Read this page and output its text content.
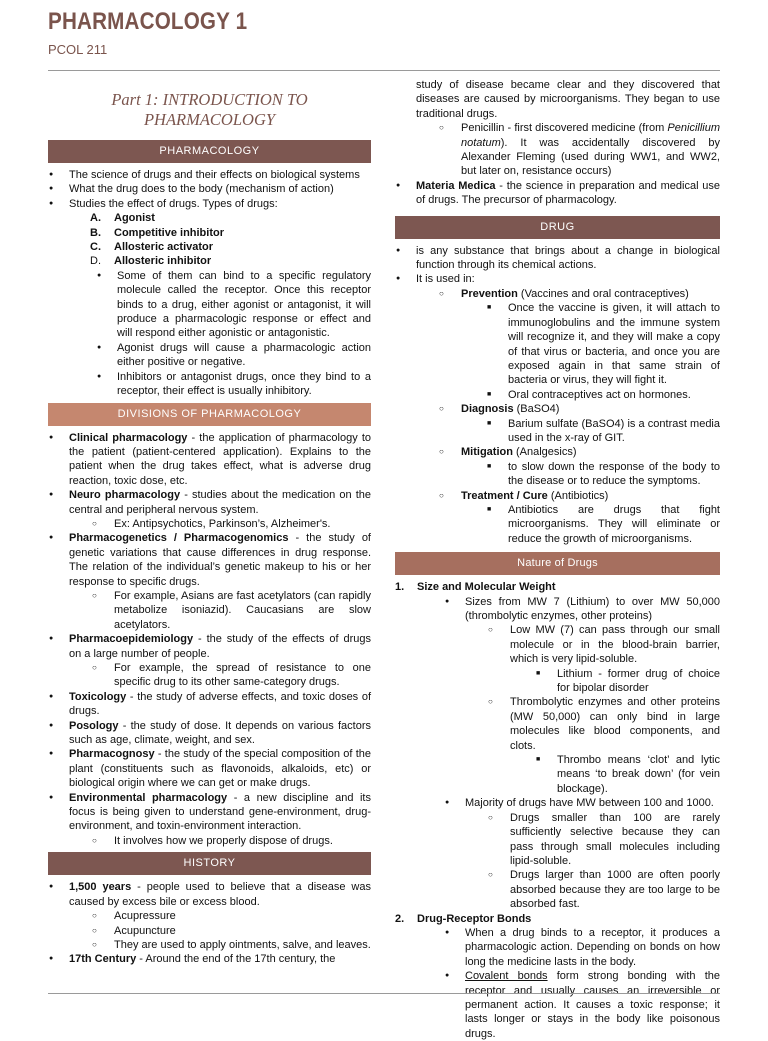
PHARMACOLOGY 1
PCOL 211
Part 1: INTRODUCTION TO
PHARMACOLOGY
PHARMACOLOGY
● The science of drugs and their effects on biological systems
● What the drug does to the body (mechanism of action)
● Studies the effect of drugs. Types of drugs:
A. Agonist
B. Competitive inhibitor
C. Allosteric activator
D. Allosteric inhibitor
● Some of them can bind to a specific regulatory molecule called the receptor. Once this receptor binds to a drug, either agonist or antagonist, it will produce a pharmacologic response or effect and will respond either agonistic or antagonistic.
● Agonist drugs will cause a pharmacologic action either positive or negative.
● Inhibitors or antagonist drugs, once they bind to a receptor, their effect is usually inhibitory.
DIVISIONS OF PHARMACOLOGY
● Clinical pharmacology - the application of pharmacology to the patient (patient-centered application). Explains to the patient when the drug takes effect, what is adverse drug reaction, toxic dose, etc.
● Neuro pharmacology - studies about the medication on the central and peripheral nervous system.
○ Ex: Antipsychotics, Parkinson’s, Alzheimer's.
● Pharmacogenetics / Pharmacogenomics - the study of genetic variations that cause differences in drug response. The relation of the individual’s genetic makeup to his or her response to specific drugs.
○ For example, Asians are fast acetylators (can rapidly metabolize isoniazid). Caucasians are slow acetylators.
● Pharmacoepidemiology - the study of the effects of drugs on a large number of people.
○ For example, the spread of resistance to one specific drug to its other same-category drugs.
● Toxicology - the study of adverse effects, and toxic doses of drugs.
● Posology - the study of dose. It depends on various factors such as age, climate, weight, and sex.
● Pharmacognosy - the study of the special composition of the plant (constituents such as flavonoids, alkaloids, etc) or biological origin where we can get or make drugs.
● Environmental pharmacology - a new discipline and its focus is being given to understand gene-environment, drug-environment, and toxin-environment interaction.
○ It involves how we properly dispose of drugs.
HISTORY
● 1,500 years - people used to believe that a disease was caused by excess bile or excess blood.
○ Acupressure
○ Acupuncture
○ They are used to apply ointments, salve, and leaves.
● 17th Century - Around the end of the 17th century, the
study of disease became clear and they discovered that diseases are caused by microorganisms. They began to use traditional drugs.
○ Penicillin - first discovered medicine (from Penicillium notatum). It was accidentally discovered by Alexander Fleming (used during WW1, and WW2, but later on, resistance occurs)
● Materia Medica - the science in preparation and medical use of drugs. The precursor of pharmacology.
DRUG
● is any substance that brings about a change in biological function through its chemical actions.
● It is used in:
○ Prevention (Vaccines and oral contraceptives)
■ Once the vaccine is given, it will attach to immunoglobulins and the immune system will recognize it, and they will make a copy of that virus or bacteria, and once you are exposed again in that same strain of bacteria or virus, they will fight it.
■ Oral contraceptives act on hormones.
○ Diagnosis (BaSO4)
■ Barium sulfate (BaSO4) is a contrast media used in the x-ray of GIT.
○ Mitigation (Analgesics)
■ to slow down the response of the body to the disease or to reduce the symptoms.
○ Treatment / Cure (Antibiotics)
■ Antibiotics are drugs that fight microorganisms. They will eliminate or reduce the growth of microorganisms.
Nature of Drugs
1. Size and Molecular Weight
● Sizes from MW 7 (Lithium) to over MW 50,000 (thrombolytic enzymes, other proteins)
○ Low MW (7) can pass through our small molecule or in the blood-brain barrier, which is very lipid-soluble.
■ Lithium - former drug of choice for bipolar disorder
○ Thrombolytic enzymes and other proteins (MW 50,000) can only bind in large molecules like blood components, and clots.
■ Thrombo means ‘clot’ and lytic means ‘to break down’ (for vein blockage).
● Majority of drugs have MW between 100 and 1000.
○ Drugs smaller than 100 are rarely sufficiently selective because they can pass through small molecules including lipid-soluble.
○ Drugs larger than 1000 are often poorly absorbed because they are too large to be absorbed fast.
2. Drug-Receptor Bonds
● When a drug binds to a receptor, it produces a pharmacologic action. Depending on bonds on how long the medicine lasts in the body.
● Covalent bonds form strong bonding with the receptor and usually causes an irreversible or permanent action. It causes a toxic response; it lasts longer or stays in the body like poisonous drugs.
